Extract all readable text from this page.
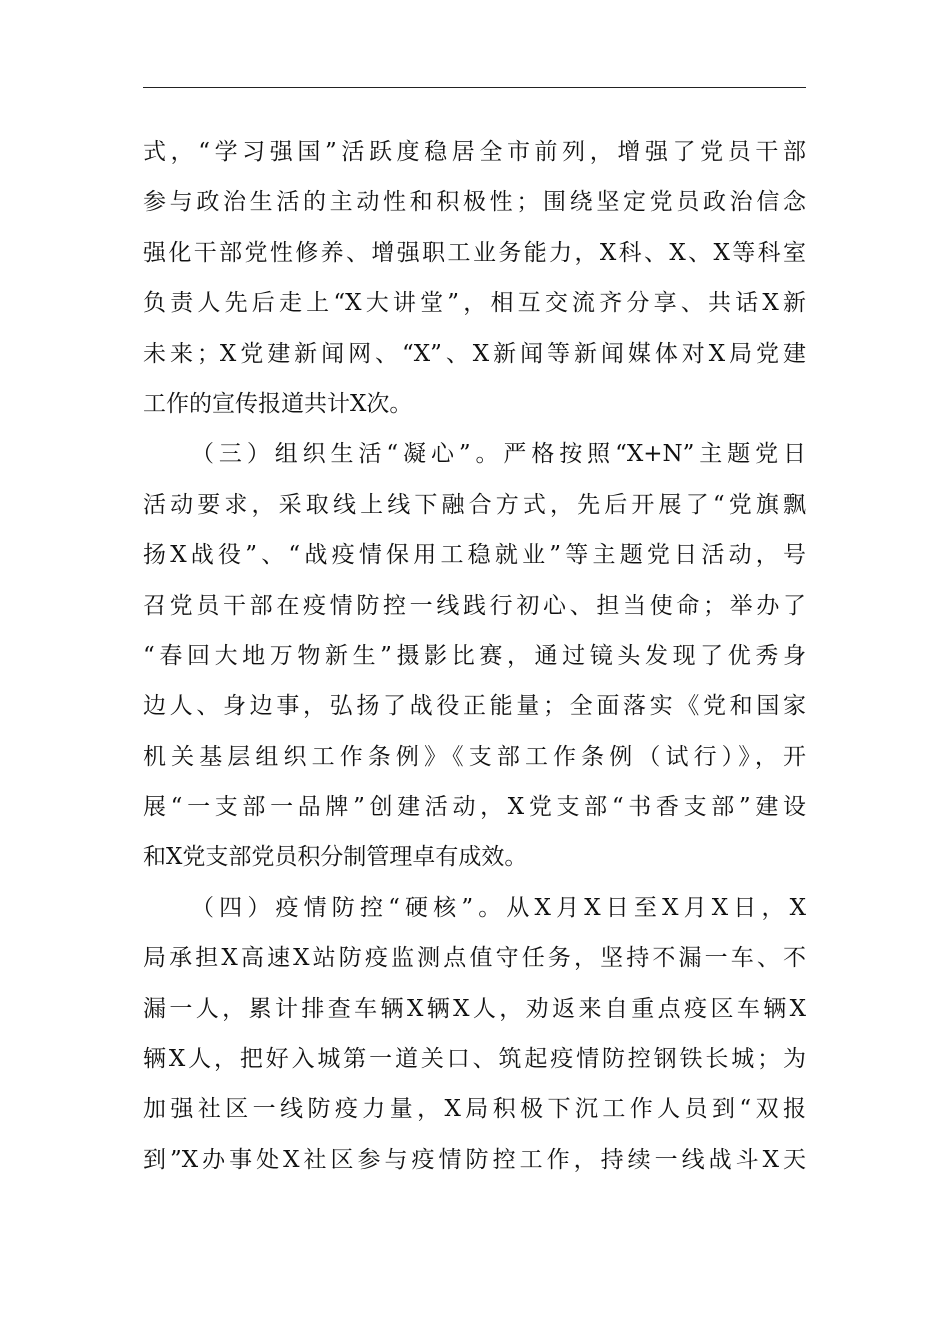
式，“学习强国”活跃度稳居全市前列，增强了党员干部
参与政治生活的主动性和积极性；围绕坚定党员政治信念
强化干部党性修养、增强职工业务能力，X科、X、X等科室
负责人先后走上“X大讲堂”，相互交流齐分享、共话X新
未来；X党建新闻网、“X”、X新闻等新闻媒体对X局党建
工作的宣传报道共计X次。
（三）组织生活“凝心”。严格按照“X+N”主题党日
活动要求，采取线上线下融合方式，先后开展了“党旗飘
扬X战役”、“战疫情保用工稳就业”等主题党日活动，号
召党员干部在疫情防控一线践行初心、担当使命；举办了
“春回大地万物新生”摄影比赛，通过镜头发现了优秀身
边人、身边事，弘扬了战役正能量；全面落实《党和国家
机关基层组织工作条例》《支部工作条例（试行）》，开
展“一支部一品牌”创建活动，X党支部“书香支部”建设
和X党支部党员积分制管理卓有成效。
（四）疫情防控“硬核”。从X月X日至X月X日，X
局承担X高速X站防疫监测点值守任务，坚持不漏一车、不
漏一人，累计排查车辆X辆X人，劝返来自重点疫区车辆X
辆X人，把好入城第一道关口、筑起疫情防控钢铁长城；为
加强社区一线防疫力量，X局积极下沉工作人员到“双报
到”X办事处X社区参与疫情防控工作，持续一线战斗X天
